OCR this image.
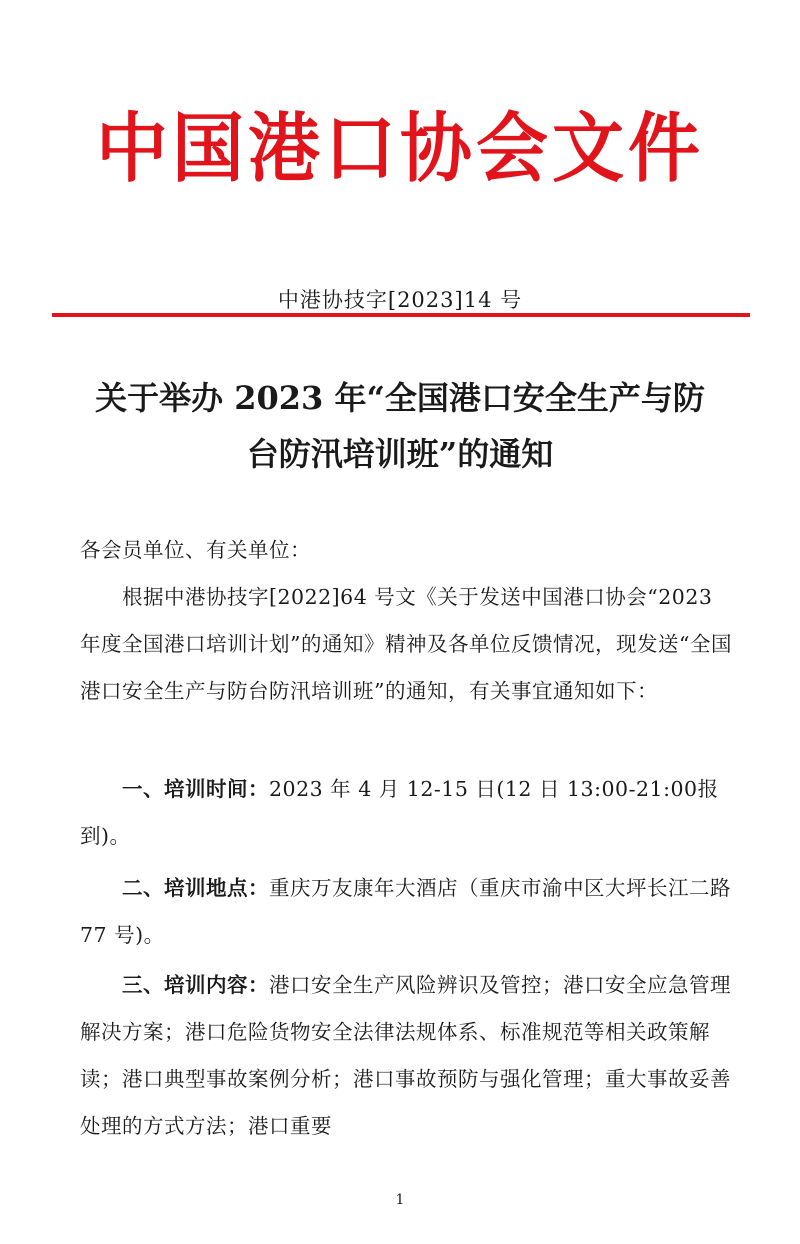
中国港口协会文件
中港协技字[2023]14 号
关于举办 2023 年“全国港口安全生产与防
台防汛培训班”的通知

各会员单位、有关单位：

根据中港协技字[2022]64 号文《关于发送中国港口协会“2023 年度全国港口培训计划”的通知》精神及各单位反馈情况，现发送“全国港口安全生产与防台防汛培训班”的通知，有关事宜通知如下：

一、培训时间：2023 年 4 月 12-15 日(12 日 13:00-21:00报到)。

二、培训地点：重庆万友康年大酒店（重庆市渝中区大坪长江二路 77 号)。

三、培训内容：港口安全生产风险辨识及管控；港口安全应急管理解决方案；港口危险货物安全法律法规体系、标准规范等相关政策解读；港口典型事故案例分析；港口事故预防与强化管理；重大事故妥善处理的方式方法；港口重要

1
